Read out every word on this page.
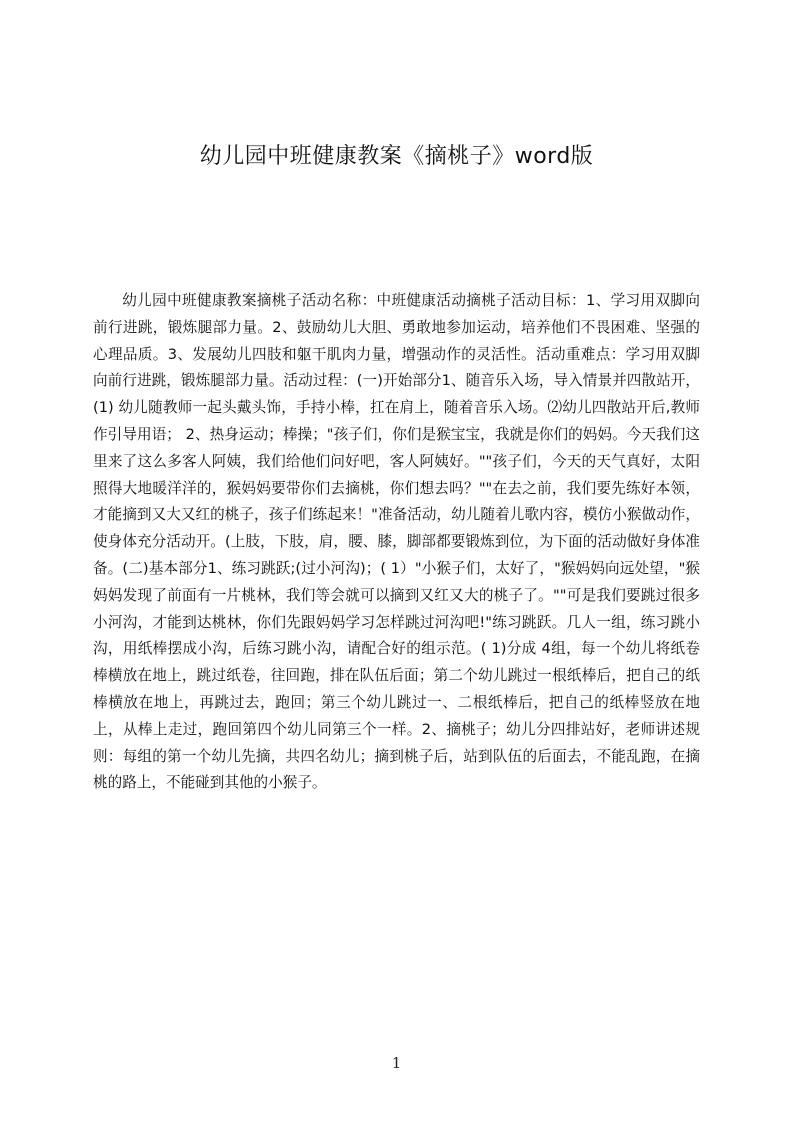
幼儿园中班健康教案《摘桃子》word版

幼儿园中班健康教案摘桃子活动名称：中班健康活动摘桃子活动目标：1、学习用双脚向前行进跳，锻炼腿部力量。2、鼓励幼儿大胆、勇敢地参加运动，培养他们不畏困难、坚强的心理品质。3、发展幼儿四肢和躯干肌肉力量，增强动作的灵活性。活动重难点：学习用双脚向前行进跳，锻炼腿部力量。活动过程：(一)开始部分1、随音乐入场，导入情景并四散站开，(1) 幼儿随教师一起头戴头饰，手持小棒，扛在肩上，随着音乐入场。⑵幼儿四散站开后,教师作引导用语； 2、热身运动；棒操；"孩子们，你们是猴宝宝，我就是你们的妈妈。今天我们这里来了这么多客人阿姨，我们给他们问好吧，客人阿姨好。""孩子们，今天的天气真好，太阳照得大地暖洋洋的，猴妈妈要带你们去摘桃，你们想去吗？""在去之前，我们要先练好本领，才能摘到又大又红的桃子，孩子们练起来！"准备活动，幼儿随着儿歌内容，模仿小猴做动作，使身体充分活动开。(上肢，下肢，肩，腰、膝，脚部都要锻炼到位，为下面的活动做好身体准备。(二)基本部分1、练习跳跃;(过小河沟)；( 1）"小猴子们，太好了，"猴妈妈向远处望，"猴妈妈发现了前面有一片桃林，我们等会就可以摘到又红又大的桃子了。""可是我们要跳过很多小河沟，才能到达桃林，你们先跟妈妈学习怎样跳过河沟吧!"练习跳跃。几人一组，练习跳小沟，用纸棒摆成小沟，后练习跳小沟，请配合好的组示范。( 1)分成 4组，每一个幼儿将纸卷棒横放在地上，跳过纸卷，往回跑，排在队伍后面；第二个幼儿跳过一根纸棒后，把自己的纸棒横放在地上，再跳过去，跑回；第三个幼儿跳过一、二根纸棒后，把自己的纸棒竖放在地上，从棒上走过，跑回第四个幼儿同第三个一样。2、摘桃子；幼儿分四排站好，老师讲述规则：每组的第一个幼儿先摘，共四名幼儿；摘到桃子后，站到队伍的后面去，不能乱跑，在摘桃的路上，不能碰到其他的小猴子。

1
